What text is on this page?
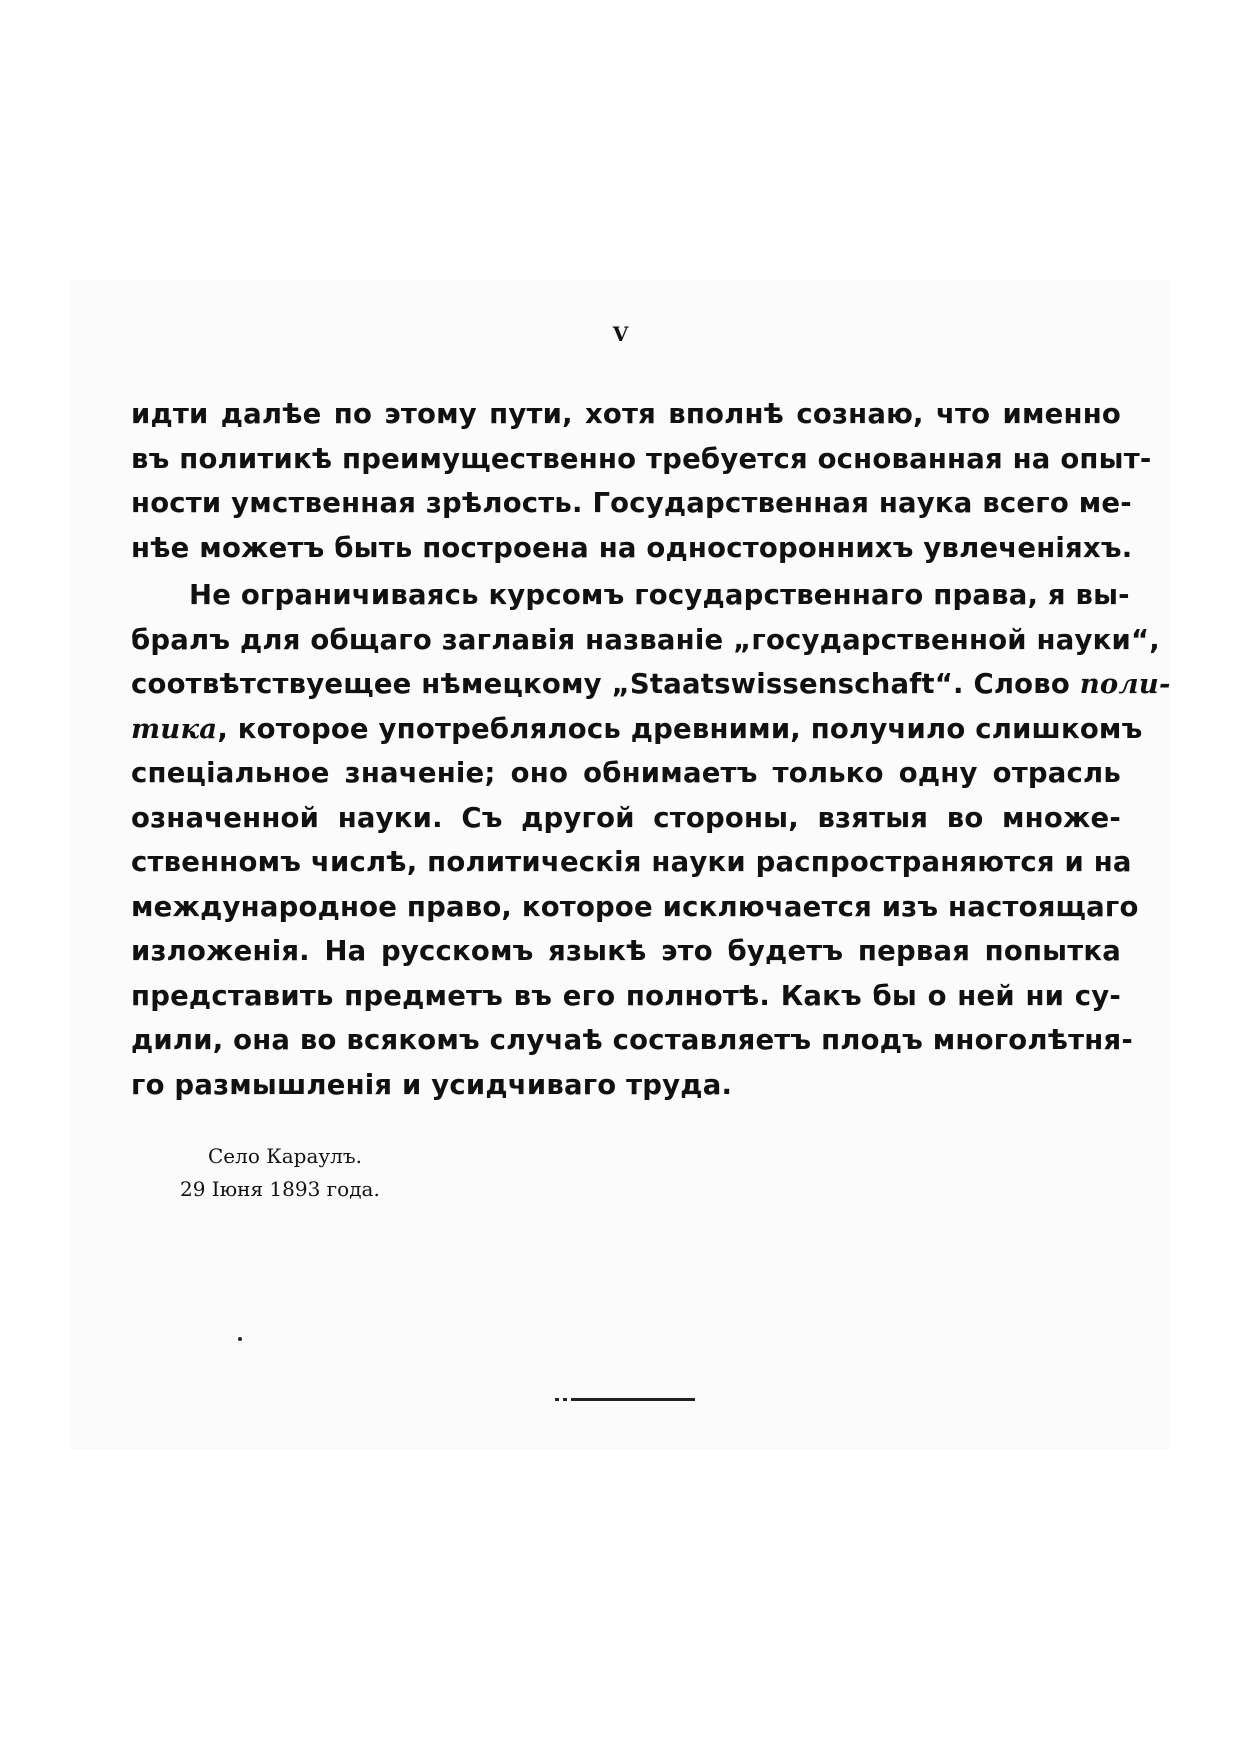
V
идти далѣе по этому пути, хотя вполнѣ сознаю, что именно
въ политикѣ преимущественно требуется основанная на опыт-
ности умственная зрѣлость. Государственная наука всего ме-
нѣе можетъ быть построена на одностороннихъ увлеченіяхъ.
Не ограничиваясь курсомъ государственнаго права, я вы-
бралъ для общаго заглавія названіе „государственной науки“,
соотвѣтствуещее нѣмецкому „Staatswissenschaft“. Слово поли-
тика, которое употреблялось древними, получило слишкомъ
спеціальное значеніе; оно обнимаетъ только одну отрасль
означенной науки. Съ другой стороны, взятыя во множе-
ственномъ числѣ, политическія науки распространяются и на
международное право, которое исключается изъ настоящаго
изложенія. На русскомъ языкѣ это будетъ первая попытка
представить предметъ въ его полнотѣ. Какъ бы о ней ни су-
дили, она во всякомъ случаѣ составляетъ плодъ многолѣтня-
го размышленія и усидчиваго труда.
Село Караулъ.
29 Іюня 1893 года.
